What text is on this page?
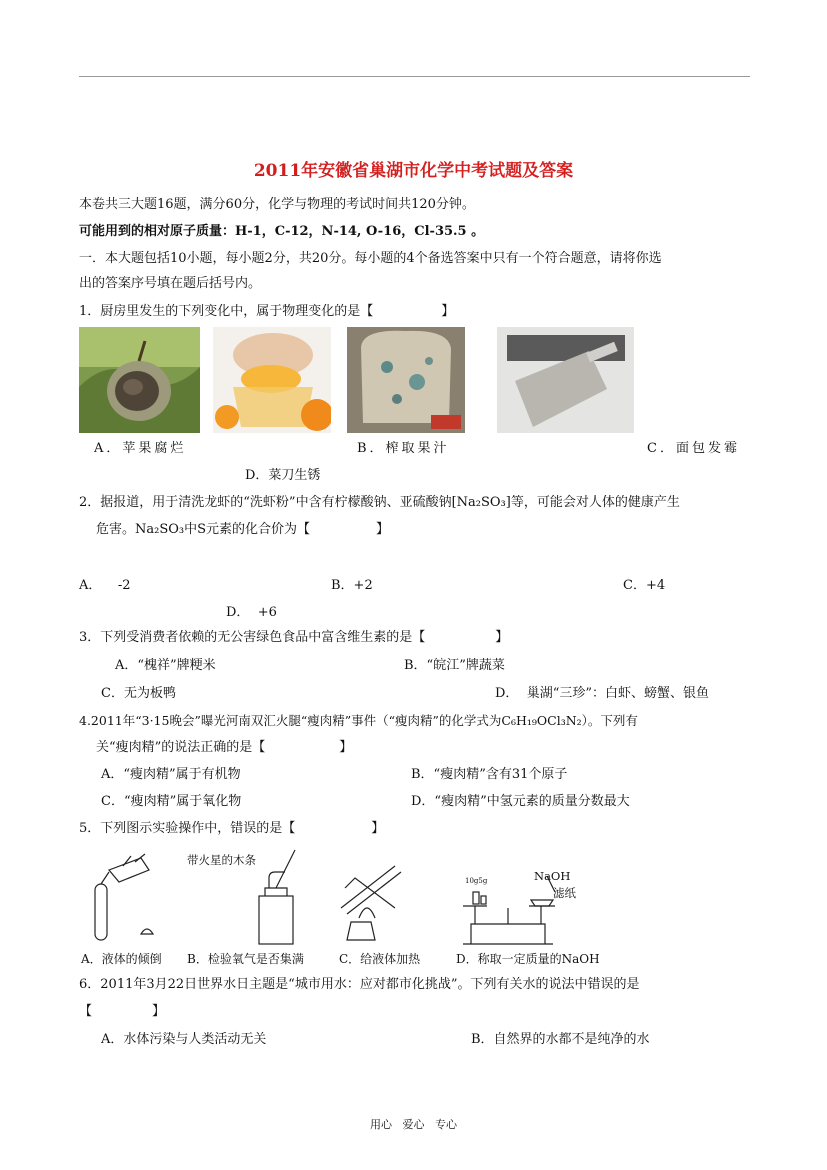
2011年安徽省巢湖市化学中考试题及答案
本卷共三大题16题，满分60分，化学与物理的考试时间共120分钟。
可能用到的相对原子质量：H-1，C-12，N-14, O-16，Cl-35.5 。
一．本大题包括10小题，每小题2分，共20分。每小题的4个备选答案中只有一个符合题意，请将你选
出的答案序号填在题后括号内。
1．厨房里发生的下列变化中，属于物理变化的是【	】
A．苹果腐烂	B．榨取果汁	C．面包发霉
D．菜刀生锈
2．据报道，用于清洗龙虾的“洗虾粉”中含有柠檬酸钠、亚硫酸钠[Na₂SO₃]等，可能会对人体的健康产生
危害。Na₂SO₃中S元素的化合价为【	】
A．    -2	B．+2	C．+4
D．  +6
3．下列受消费者依赖的无公害绿色食品中富含维生素的是【	】
A．“槐祥”牌粳米	B．“皖江”牌蔬菜
C．无为板鸭	D．  巢湖“三珍”：白虾、螃蟹、银鱼
4.2011年“3·15晚会”曝光河南双汇火腿“瘦肉精”事件（“瘦肉精”的化学式为C₆H₁₉OCl₃N₂）。下列有
关“瘦肉精”的说法正确的是【	】
A．“瘦肉精”属于有机物	B．“瘦肉精”含有31个原子
C．“瘦肉精”属于氧化物	D．“瘦肉精”中氢元素的质量分数最大
5．下列图示实验操作中，错误的是【	】
带火星的木条
NaOH
滤纸
10g5g
A．液体的倾倒 B．检验氧气是否集满	C．给液体加热	D．称取一定质量的NaOH
6．2011年3月22日世界水日主题是“城市用水：应对都市化挑战”。下列有关水的说法中错误的是
【	】
A．水体污染与人类活动无关	B．自然界的水都不是纯净的水
用心   爱心   专心
